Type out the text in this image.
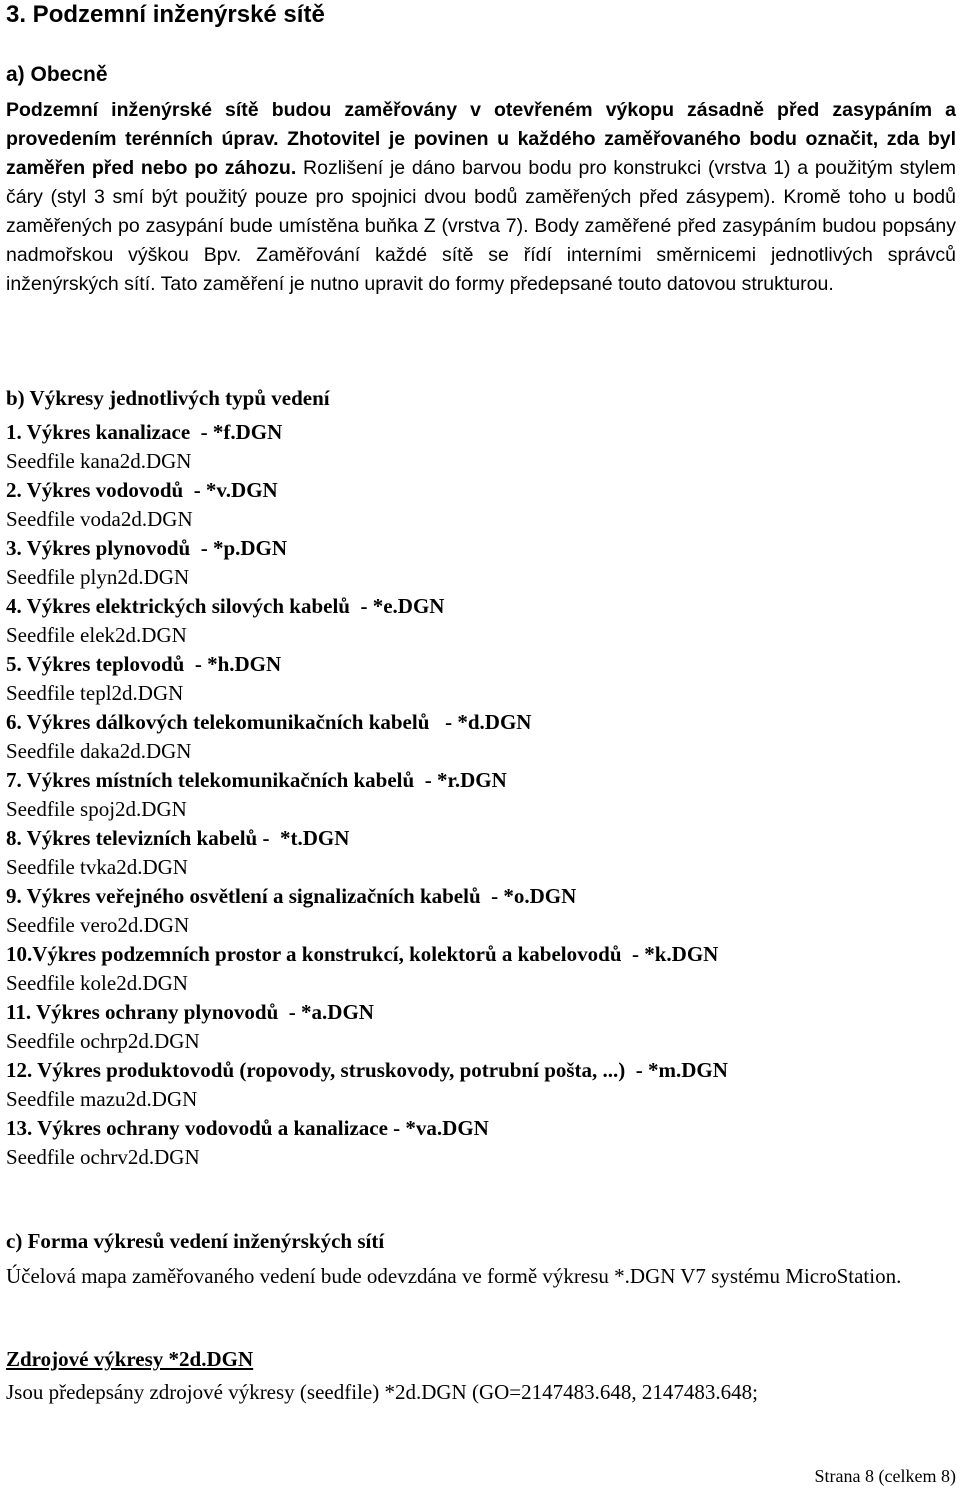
3. Podzemní inženýrské sítě
a) Obecně

Podzemní inženýrské sítě budou zaměřovány v otevřeném výkopu zásadně před zasypáním a provedením terénních úprav. Zhotovitel je povinen u každého zaměřovaného bodu označit, zda byl zaměřen před nebo po záhozu. Rozlišení je dáno barvou bodu pro konstrukci (vrstva 1) a použitým stylem čáry (styl 3 smí být použitý pouze pro spojnici dvou bodů zaměřených před zásypem). Kromě toho u bodů zaměřených po zasypání bude umístěna buňka Z (vrstva 7). Body zaměřené před zasypáním budou popsány nadmořskou výškou Bpv. Zaměřování každé sítě se řídí interními směrnicemi jednotlivých správců inženýrských sítí. Tato zaměření je nutno upravit do formy předepsané touto datovou strukturou.

b) Výkresy jednotlivých typů vedení
1. Výkres kanalizace  - *f.DGN
Seedfile kana2d.DGN
2. Výkres vodovodů  - *v.DGN
Seedfile voda2d.DGN
3. Výkres plynovodů  - *p.DGN
Seedfile plyn2d.DGN
4. Výkres elektrických silových kabelů  - *e.DGN
Seedfile elek2d.DGN
5. Výkres teplovodů  - *h.DGN
Seedfile tepl2d.DGN
6. Výkres dálkových telekomunikačních kabelů   - *d.DGN
Seedfile daka2d.DGN
7. Výkres místních telekomunikačních kabelů  - *r.DGN
Seedfile spoj2d.DGN
8. Výkres televizních kabelů -  *t.DGN
Seedfile tvka2d.DGN
9. Výkres veřejného osvětlení a signalizačních kabelů  - *o.DGN
Seedfile vero2d.DGN
10.Výkres podzemních prostor a konstrukcí, kolektorů a kabelovodů  - *k.DGN
Seedfile kole2d.DGN
11. Výkres ochrany plynovodů  - *a.DGN
Seedfile ochrp2d.DGN
12. Výkres produktovodů (ropovody, struskovody, potrubní pošta, ...)  - *m.DGN
Seedfile mazu2d.DGN
13. Výkres ochrany vodovodů a kanalizace - *va.DGN
Seedfile ochrv2d.DGN
c) Forma výkresů vedení inženýrských sítí

Účelová mapa zaměřovaného vedení bude odevzdána ve formě výkresu *.DGN V7 systému MicroStation.

Zdrojové výkresy *2d.DGN

Jsou předepsány zdrojové výkresy (seedfile) *2d.DGN (GO=2147483.648, 2147483.648;

Strana 8 (celkem 8)
